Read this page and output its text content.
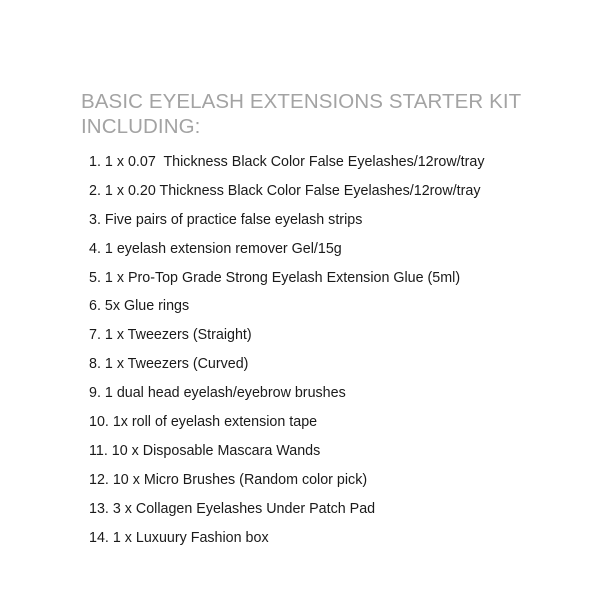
BASIC EYELASH EXTENSIONS STARTER KIT
INCLUDING:
1. 1 x 0.07  Thickness Black Color False Eyelashes/12row/tray
2. 1 x 0.20 Thickness Black Color False Eyelashes/12row/tray
3. Five pairs of practice false eyelash strips
4. 1 eyelash extension remover Gel/15g
5. 1 x Pro-Top Grade Strong Eyelash Extension Glue (5ml)
6. 5x Glue rings
7. 1 x Tweezers (Straight)
8. 1 x Tweezers (Curved)
9. 1 dual head eyelash/eyebrow brushes
10. 1x roll of eyelash extension tape
11. 10 x Disposable Mascara Wands
12. 10 x Micro Brushes (Random color pick)
13. 3 x Collagen Eyelashes Under Patch Pad
14. 1 x Luxuury Fashion box
